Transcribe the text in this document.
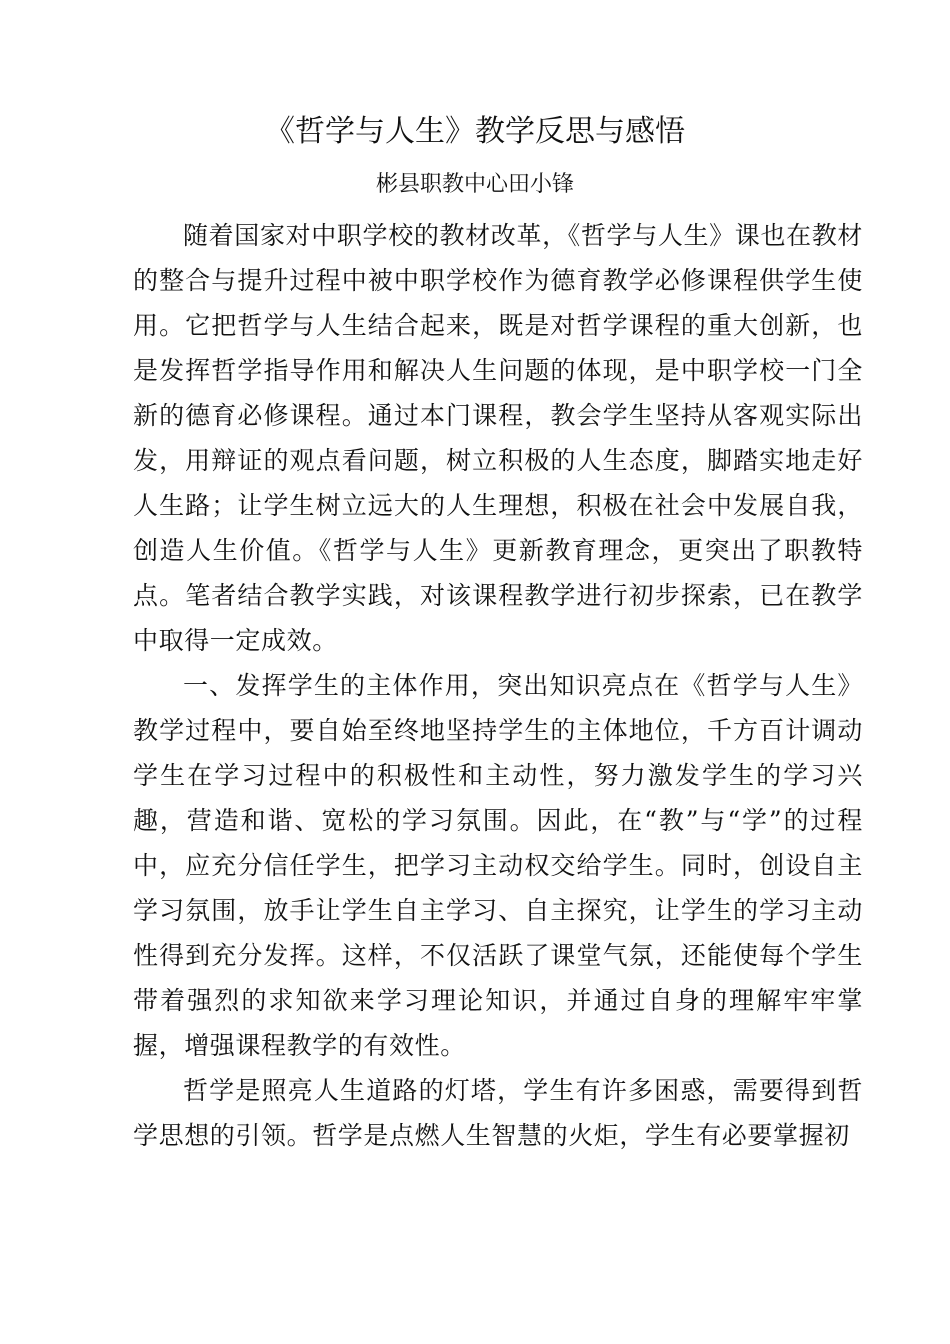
《哲学与人生》教学反思与感悟

彬县职教中心田小锋

随着国家对中职学校的教材改革，《哲学与人生》课也在教材的整合与提升过程中被中职学校作为德育教学必修课程供学生使用。它把哲学与人生结合起来，既是对哲学课程的重大创新，也是发挥哲学指导作用和解决人生问题的体现，是中职学校一门全新的德育必修课程。通过本门课程，教会学生坚持从客观实际出发，用辩证的观点看问题，树立积极的人生态度，脚踏实地走好人生路；让学生树立远大的人生理想，积极在社会中发展自我，创造人生价值。《哲学与人生》更新教育理念，更突出了职教特点。笔者结合教学实践，对该课程教学进行初步探索，已在教学中取得一定成效。

一、发挥学生的主体作用，突出知识亮点在《哲学与人生》教学过程中，要自始至终地坚持学生的主体地位，千方百计调动学生在学习过程中的积极性和主动性，努力激发学生的学习兴趣，营造和谐、宽松的学习氛围。因此，在“教”与“学”的过程中，应充分信任学生，把学习主动权交给学生。同时，创设自主学习氛围，放手让学生自主学习、自主探究，让学生的学习主动性得到充分发挥。这样，不仅活跃了课堂气氛，还能使每个学生带着强烈的求知欲来学习理论知识，并通过自身的理解牢牢掌握，增强课程教学的有效性。

哲学是照亮人生道路的灯塔，学生有许多困惑，需要得到哲学思想的引领。哲学是点燃人生智慧的火炬，学生有必要掌握初
